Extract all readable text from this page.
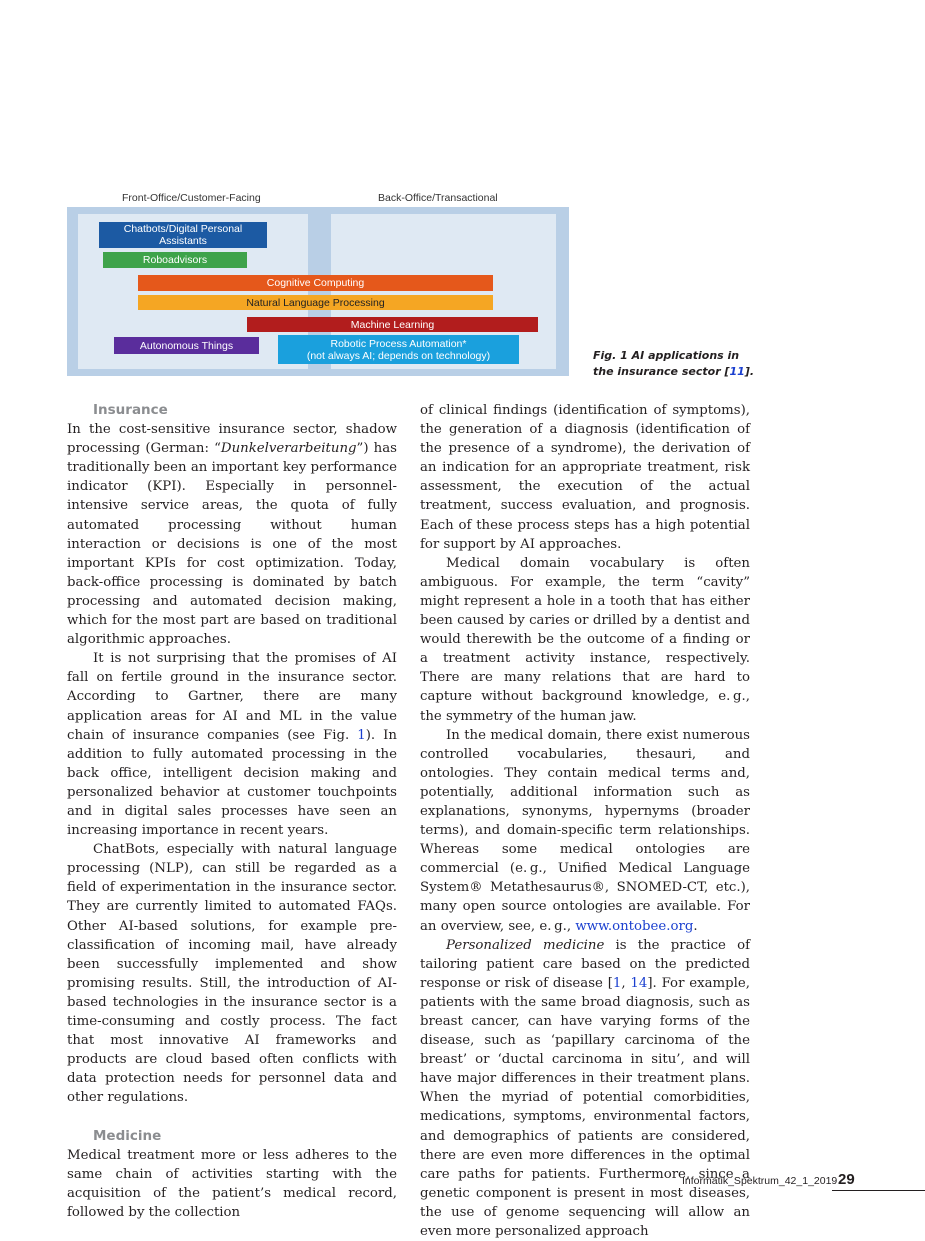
Front-Office/Customer-Facing	Back-Office/Transactional
Chatbots/Digital Personal
Assistants
Roboadvisors
Cognitive Computing
Natural Language Processing
Machine Learning
Autonomous Things	Robotic Process Automation*
(not always AI; depends on technology)	Fig. 1 AI applications in the insurance sector [11].
Insurance

In the cost-sensitive insurance sector, shadow processing (German: “Dunkelverarbeitung”) has traditionally been an important key performance indicator (KPI). Especially in personnel-intensive service areas, the quota of fully automated processing without human interaction or decisions is one of the most important KPIs for cost optimization. Today, back-office processing is dominated by batch processing and automated decision making, which for the most part are based on traditional algorithmic approaches.

It is not surprising that the promises of AI fall on fertile ground in the insurance sector. According to Gartner, there are many application areas for AI and ML in the value chain of insurance companies (see Fig. 1). In addition to fully automated processing in the back office, intelligent decision making and personalized behavior at customer touchpoints and in digital sales processes have seen an increasing importance in recent years.

ChatBots, especially with natural language processing (NLP), can still be regarded as a field of experimentation in the insurance sector. They are currently limited to automated FAQs. Other AI-based solutions, for example pre-classification of incoming mail, have already been successfully implemented and show promising results. Still, the introduction of AI-based technologies in the insurance sector is a time-consuming and costly process. The fact that most innovative AI frameworks and products are cloud based often conflicts with data protection needs for personnel data and other regulations.

Medicine

Medical treatment more or less adheres to the same chain of activities starting with the acquisition of the patient’s medical record, followed by the collection

of clinical findings (identification of symptoms), the generation of a diagnosis (identification of the presence of a syndrome), the derivation of an indication for an appropriate treatment, risk assessment, the execution of the actual treatment, success evaluation, and prognosis. Each of these process steps has a high potential for support by AI approaches.

Medical domain vocabulary is often ambiguous. For example, the term “cavity” might represent a hole in a tooth that has either been caused by caries or drilled by a dentist and would therewith be the outcome of a finding or a treatment activity instance, respectively. There are many relations that are hard to capture without background knowledge, e. g., the symmetry of the human jaw.

In the medical domain, there exist numerous controlled vocabularies, thesauri, and ontologies. They contain medical terms and, potentially, additional information such as explanations, synonyms, hypernyms (broader terms), and domain-specific term relationships. Whereas some medical ontologies are commercial (e. g., Unified Medical Language System® Metathesaurus®, SNOMED-CT, etc.), many open source ontologies are available. For an overview, see, e. g., www.ontobee.org.

Personalized medicine is the practice of tailoring patient care based on the predicted response or risk of disease [1, 14]. For example, patients with the same broad diagnosis, such as breast cancer, can have varying forms of the disease, such as ‘papillary carcinoma of the breast’ or ‘ductal carcinoma in situ’, and will have major differences in their treatment plans. When the myriad of potential comorbidities, medications, symptoms, environmental factors, and demographics of patients are considered, there are even more differences in the optimal care paths for patients. Furthermore, since a genetic component is present in most diseases, the use of genome sequencing will allow an even more personalized approach

Informatik_Spektrum_42_1_2019 29
